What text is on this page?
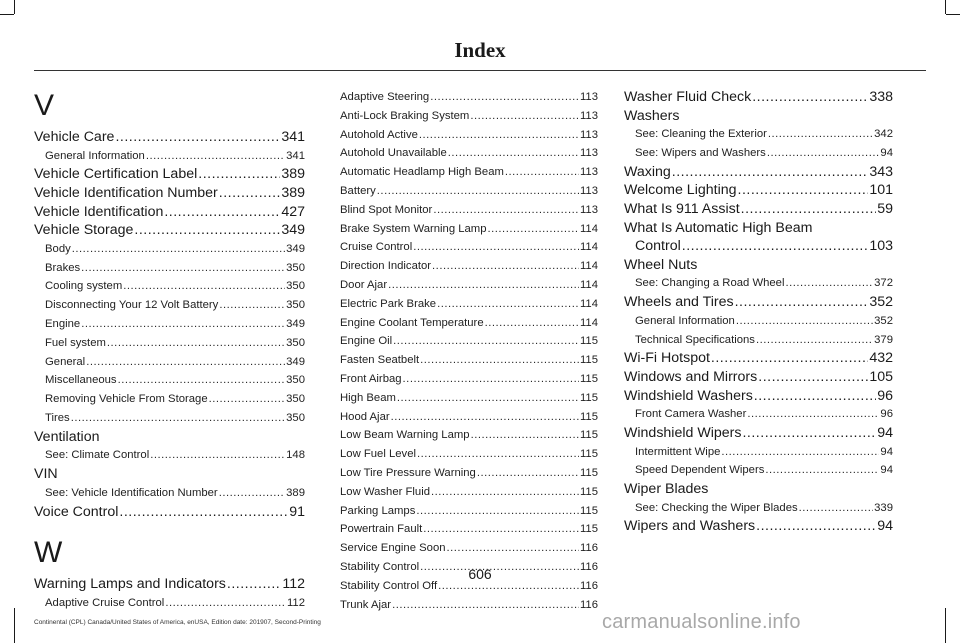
Index
V
Vehicle Care .....	341
General Information .....	341
Vehicle Certification Label .....	389
Vehicle Identification Number .....	389
Vehicle Identification .....	427
Vehicle Storage .....	349
Body .....	349
Brakes .....	350
Cooling system .....	350
Disconnecting Your 12 Volt Battery .....	350
Engine .....	349
Fuel system .....	350
General .....	349
Miscellaneous .....	350
Removing Vehicle From Storage .....	350
Tires .....	350
Ventilation
See: Climate Control .....	148
VIN
See: Vehicle Identification Number .....	389
Voice Control .....	91
W
Warning Lamps and Indicators .....	112
Adaptive Cruise Control .....	112
Adaptive Steering .....	113
Anti-Lock Braking System .....	113
Autohold Active .....	113
Autohold Unavailable .....	113
Automatic Headlamp High Beam .....	113
Battery .....	113
Blind Spot Monitor .....	113
Brake System Warning Lamp .....	114
Cruise Control .....	114
Direction Indicator .....	114
Door Ajar .....	114
Electric Park Brake .....	114
Engine Coolant Temperature .....	114
Engine Oil .....	115
Fasten Seatbelt .....	115
Front Airbag .....	115
High Beam .....	115
Hood Ajar .....	115
Low Beam Warning Lamp .....	115
Low Fuel Level .....	115
Low Tire Pressure Warning .....	115
Low Washer Fluid .....	115
Parking Lamps .....	115
Powertrain Fault .....	115
Service Engine Soon .....	116
Stability Control .....	116
Stability Control Off .....	116
Trunk Ajar .....	116
Washer Fluid Check .....	338
Washers
See: Cleaning the Exterior .....	342
See: Wipers and Washers .....	94
Waxing .....	343
Welcome Lighting .....	101
What Is 911 Assist .....	59
What Is Automatic High Beam
Control .....	103
Wheel Nuts
See: Changing a Road Wheel .....	372
Wheels and Tires .....	352
General Information .....	352
Technical Specifications .....	379
Wi-Fi Hotspot .....	432
Windows and Mirrors .....	105
Windshield Washers .....	96
Front Camera Washer .....	96
Windshield Wipers .....	94
Intermittent Wipe .....	94
Speed Dependent Wipers .....	94
Wiper Blades
See: Checking the Wiper Blades .....	339
Wipers and Washers .....	94
606
Continental (CPL) Canada/United States of America, enUSA, Edition date: 201907, Second-Printing	carmanualsonline.info
